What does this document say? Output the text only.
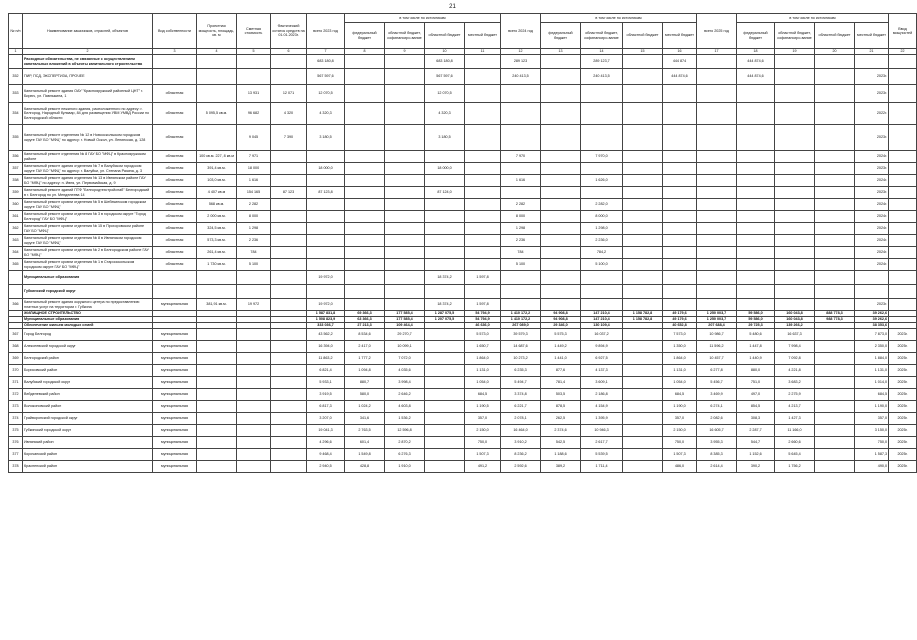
21
№ п/п	Наименование заказчиков, отраслей, объектов	Вид собственности	Проектная мощность, площадь, кв. м	Сметная стоимость	Фактический остаток средств на 01.01.2023г.	всего 2023 год	в том числе по источникам				всего 2024 год	в том числе по источникам				всего 2025 год	в том числе по источникам				Ввод мощностей
							федеральный бюджет	областной бюджет, софинансиро-вание	областной бюджет	местный бюджет		федеральный бюджет	областной бюджет, софинансиро-вание	областной бюджет	местный бюджет		федеральный бюджет	областной бюджет, софинансиро-вание	областной бюджет	местный бюджет	
1	2	3	4	5	6	7	8	9	10	11	12	13	14	15	16	17	18	19	20	21	22
	Расходные обязательства, не связанные с осуществлением капитальных вложений в объекты капитального строительства					683 180,8			683 180,8		289 123		289 123,7		444 874		444 874,6				
352	ПИР, ПСД, ЭКСПЕРТИЗА, ПРОЧЕЕ					567 597,6			567 597,6		240 413,5		240 413,5		444 874,6		444 874,6			2023г.	
353	Капитальный ремонт здания ОАУ "Краснояружский районный ЦНТ" г. Бирюч, ул. Павлыкина, 1	областная		13 931	12 071	12 070,5			12 070,5											2023г.	
354	Капитальный ремонт нежилого здания, расположенного по адресу: г. Белгород, Народный бульвар, 84 для размещения УВМ УМВД России по Белгородской области	областная	5 095,5 кв.м.	96 682	4 320	4 320,3			4 320,3											2022г.	
355	Капитальный ремонт отделения № 12 в Новооскольском городском округе ГАУ БО "МФЦ" по адресу: г. Новый Оскол, ул. Ленинская, д. 128	областная		9 045	7 390	3 180,5			3 180,5											2023г.	
356	Капитальный ремонт отделения № 8 ГАУ БО "МФЦ" в Краснояружском районе	областная	100 кв.м. 227, 8 кв.м	7 971							7 970		7 970,0							2024г.	
357	Капитальный ремонт здания отделения № 7 в Валуйском городском округе ГАУ БО "МФЦ" по адресу: г. Валуйки, ул. Степана Разина, д. 3	областная	391,4 кв.м.	18 000		18 000,0			18 000,0											2023г.	
358	Капитальный ремонт здания отделения № 13 в Ивнянском районе ГАУ БО "МФЦ" по адресу: п. Ивня, ул. Первомайская, д. 9	областная	103,0 кв.м.	1 616							1 616		1 626,0							2024г.	
359	Капитальный ремонт зданий ПТФ "Белгородтехстройснаб" Белгородский в г. Белгород по ул. Менделеева 14	областная	4 407 кв.м	154 165	87 123	87 123,8			87 124,0											2023г.	
360	Капитальный ремонт кровли отделения № 5 в Шебекинском городском округе ГАУ БО "МФЦ"	областная	568 кв.м.	2 282							2 282		2 282,0							2024г.	
361	Капитальный ремонт кровли отделения № 3 в городском округе "Город Белгород" ГАУ БО "МФЦ"	областная	2 000 кв.м.	8 000							8 000		8 000,0							2024г.	
362	Капитальный ремонт кровли отделения № 15 в Прохоровском районе ГАУ БО "МФЦ"	областная	324,5 кв.м.	1 298							1 298		1 298,0							2024г.	
363	Капитальный ремонт кровли отделения № 8 в Ивнянском городском округе ГАУ БО "МФЦ"	областная	573,3 кв.м.	2 236							2 236		2 236,0							2024г.	
364	Капитальный ремонт кровли отделения № 2 в Белгородском районе ГАУ БО "МФЦ"	областная	261,4 кв.м.	784							784		784,2							2024г.	
365	Капитальный ремонт кровли отделения № 1 в Старооскольском городском округе ГАУ БО "МФЦ"	областная	1 730 кв.м.	5 100							5 100		5 100,0							2024г.	
	Муниципальные образования					19 972,0			18 374,2	1 597,8											
	Губкинский городской округ																				
366	Капитальный ремонт здания окружного центра по предоставлению платных услуг на территории г. Губкина	муниципальная	381,91 кв.м.	19 972		19 972,0			18 374,2	1 597,8										2023г.	
	ЖИЛИЩНОЕ СТРОИТЕЛЬСТВО					1 587 831,8	69 366,3	177 585,4	1 287 075,5	54 794,9	1 410 172,2	94 908,8	147 210,4	1 158 782,8	49 179,6	1 250 003,7	59 586,0	160 043,8	888 778,3	39 262,6	
	Муниципальные образования					1 508 823,9	63 366,3	177 585,4	1 207 075,5	54 794,9	1 410 172,2	94 908,8	147 210,4	1 158 782,8	49 179,6	1 250 003,7	59 586,0	160 043,8	988 778,3	39 262,6	
	Обеспечение жильем молодых семей					333 036,7	27 213,3	109 464,4		46 636,0	267 089,0	29 346,0	130 109,4		40 652,8	207 688,4	29 725,3	139 266,2		38 353,6	
367	Город Белгород	муниципальная				43 562,2	8 534,6	29 270,7		5 573,0	39 579,3	5 575,3	16 037,2		7 573,0	10 986,7	5 480,6	16 637,3		7 873,0	2023г.
368	Алексеевский городской округ	муниципальная				16 394,0	2 417,0	10 099,1		1 650,7	14 687,6	1 449,2	9 894,9		1 350,0	11 596,2	1 447,8	7 998,4		2 350,0	2025г.
369	Белгородский район	муниципальная				11 863,2	1 777,2	7 072,0		1 864,0	10 273,2	1 441,0	6 927,5		1 864,0	10 457,7	1 440,9	7 092,8		1 884,0	2025г.
370	Борисовский район	муниципальная				6 821,4	1 094,8	4 035,6		1 131,0	6 235,3	877,6	4 137,3		1 131,0	6 277,8	880,0	4 221,8		1 131,0	2025г.
371	Валуйский городской округ	муниципальная				5 933,1	880,7	3 998,4		1 054,0	5 494,7	781,4	3 609,1		1 054,0	5 456,7	751,0	3 683,2		1 014,0	2025г.
372	Вейделевский район	муниципальная				3 919,5	580,0	2 646,2		684,5	3 374,8	503,5	2 186,8		684,5	3 469,9	497,0	2 275,9		684,5	2025г.
373	Волоконовский район	муниципальная				6 817,3	1 024,2	4 603,8		1 190,5	6 221,7	878,5	4 154,9		1 190,0	6 274,1	854,5	4 213,7		1 190,0	2025г.
374	Грайворонский городской округ	муниципальная				3 207,0	341,6	1 536,2		357,0	2 078,1	262,5	1 395,9		357,0	2 082,6	308,3	1 427,3		357,0	2025г.
375	Губкинский городской округ	муниципальная				19 041,3	2 763,5	12 596,8		2 150,0	16 464,0	2 374,6	10 946,3		2 150,0	16 605,7	2 287,7	11 166,0		3 150,0	2025г.
376	Ивнянский район	муниципальная				4 296,6	601,4	2 870,2		750,0	3 910,2	542,5	2 617,7		750,0	3 955,3	544,7	2 660,6		750,0	2025г.
377	Корочанский район	муниципальная				9 468,4	1 549,8	6 276,3		1 507,3	8 236,2	1 188,6	5 539,5		1 507,3	8 385,3	1 152,6	5 645,4		1 587,3	2025г.
378	Красненский район	муниципальная				2 940,5	428,8	1 910,0		491,2	2 592,6	389,2	1 711,4		486,0	2 614,4	390,2	1 756,2		490,0	2025г.
